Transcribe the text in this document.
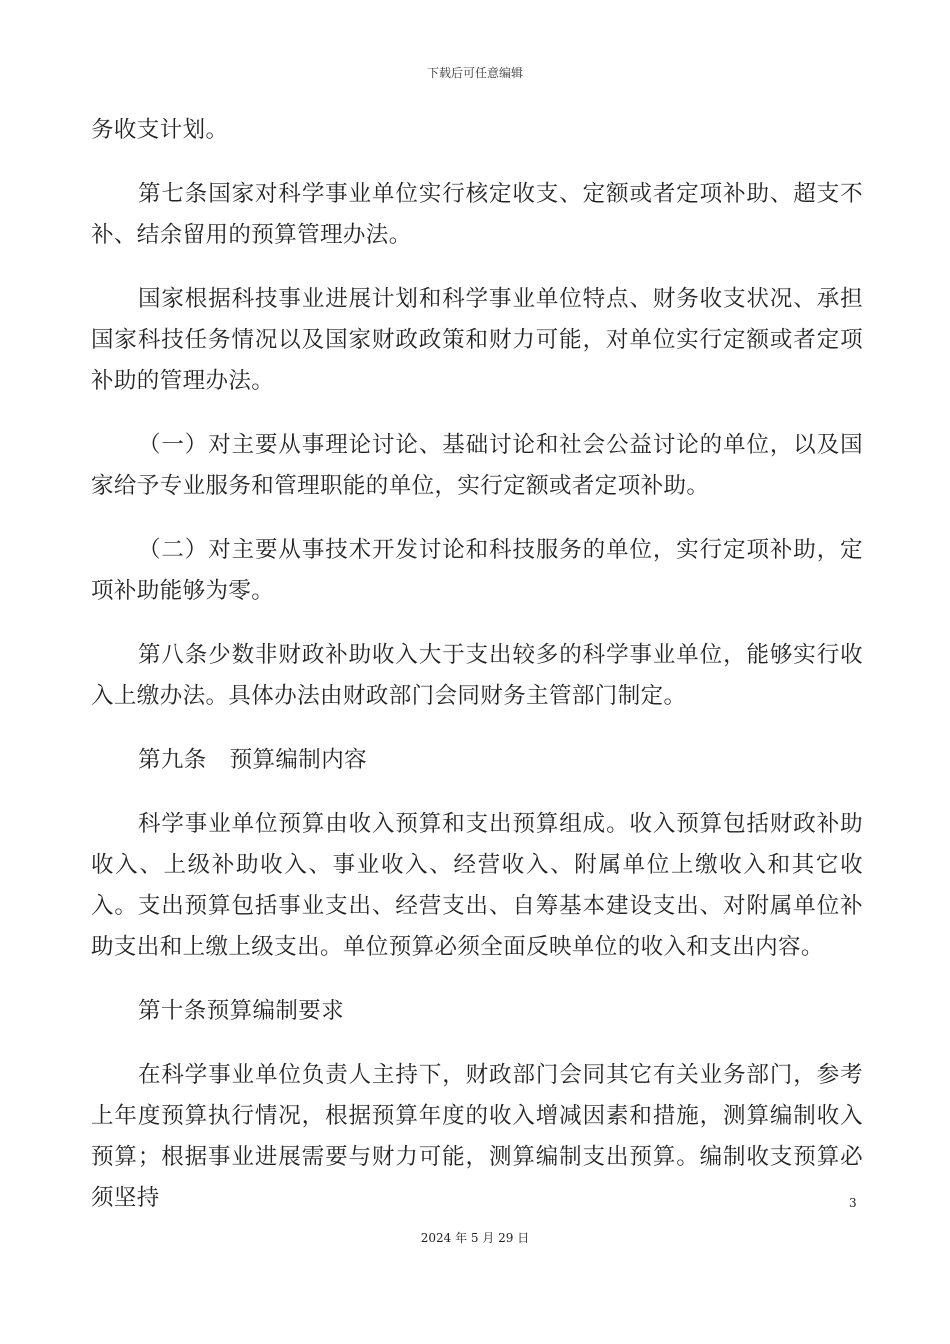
下载后可任意编辑

务收支计划。

第七条国家对科学事业单位实行核定收支、定额或者定项补助、超支不补、结余留用的预算管理办法。

国家根据科技事业进展计划和科学事业单位特点、财务收支状况、承担国家科技任务情况以及国家财政政策和财力可能，对单位实行定额或者定项补助的管理办法。

（一）对主要从事理论讨论、基础讨论和社会公益讨论的单位，以及国家给予专业服务和管理职能的单位，实行定额或者定项补助。

（二）对主要从事技术开发讨论和科技服务的单位，实行定项补助，定项补助能够为零。

第八条少数非财政补助收入大于支出较多的科学事业单位，能够实行收入上缴办法。具体办法由财政部门会同财务主管部门制定。

第九条　预算编制内容

科学事业单位预算由收入预算和支出预算组成。收入预算包括财政补助收入、上级补助收入、事业收入、经营收入、附属单位上缴收入和其它收入。支出预算包括事业支出、经营支出、自筹基本建设支出、对附属单位补助支出和上缴上级支出。单位预算必须全面反映单位的收入和支出内容。

第十条预算编制要求

在科学事业单位负责人主持下，财政部门会同其它有关业务部门，参考上年度预算执行情况，根据预算年度的收入增减因素和措施，测算编制收入预算；根据事业进展需要与财力可能，测算编制支出预算。编制收支预算必须坚持	3
2024 年 5 月 29 日
